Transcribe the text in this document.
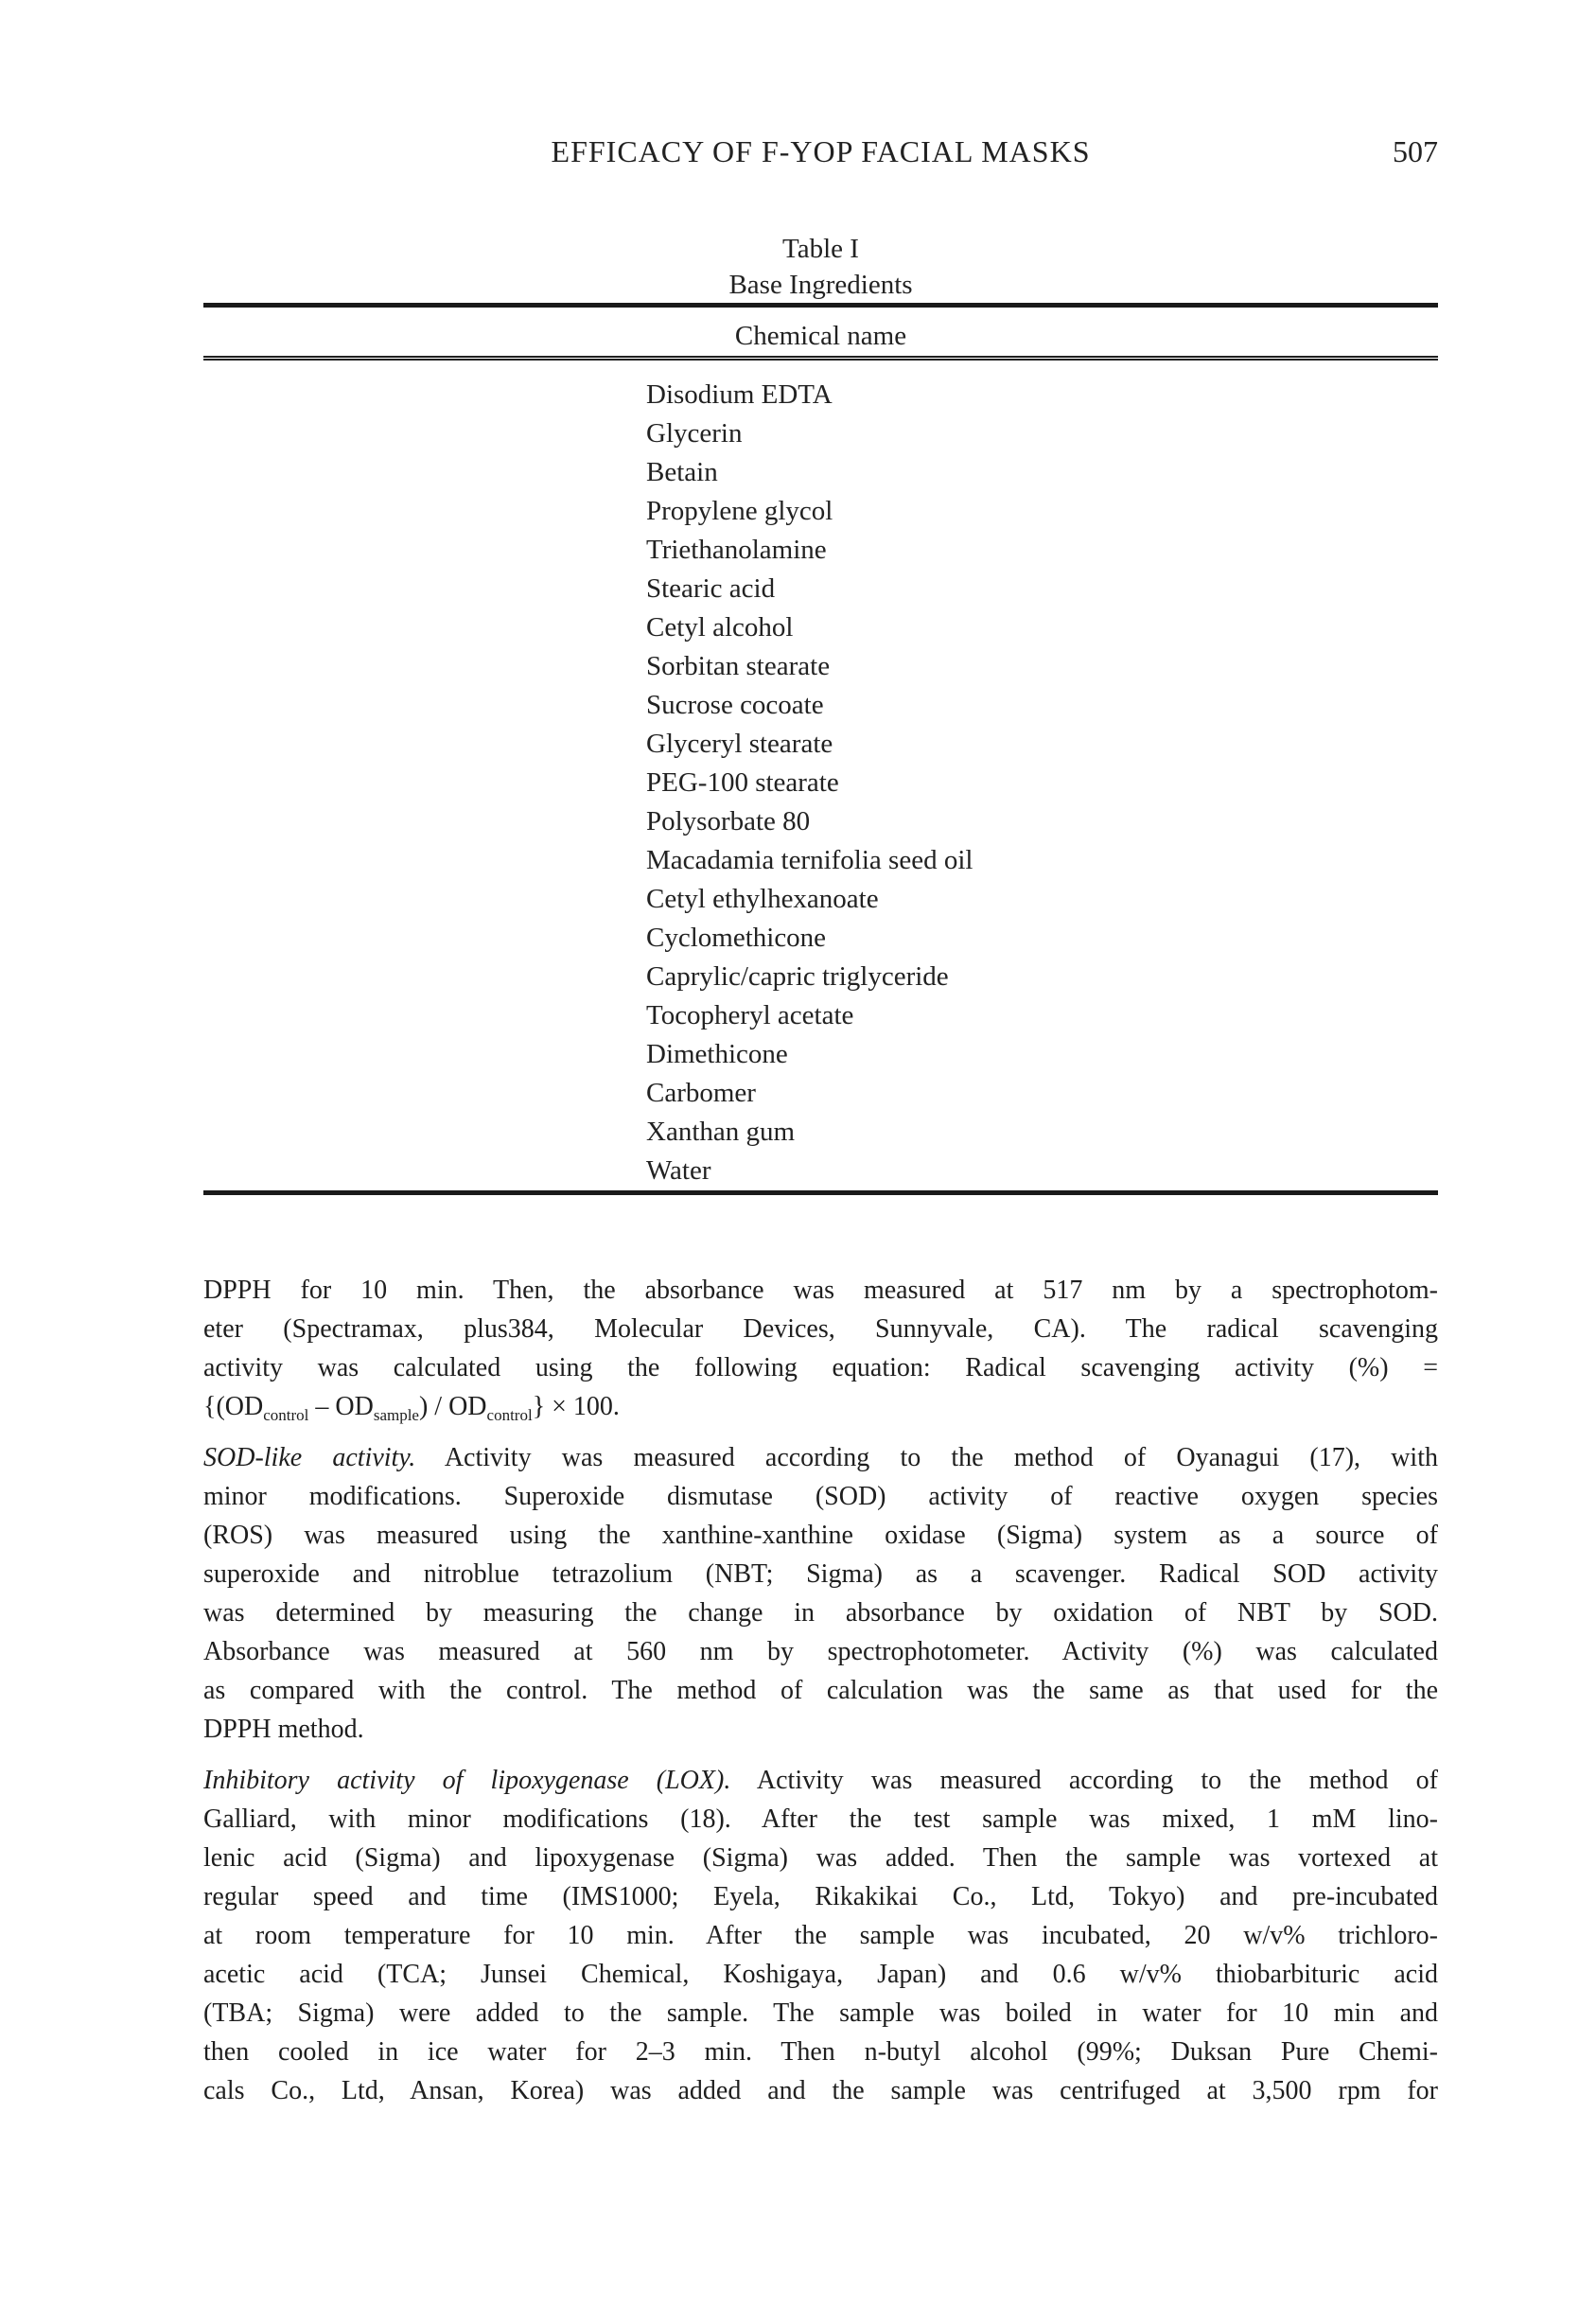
EFFICACY OF F-YOP FACIAL MASKS	507
Table I
Base Ingredients
Chemical name
Disodium EDTA
Glycerin
Betain
Propylene glycol
Triethanolamine
Stearic acid
Cetyl alcohol
Sorbitan stearate
Sucrose cocoate
Glyceryl stearate
PEG-100 stearate
Polysorbate 80
Macadamia ternifolia seed oil
Cetyl ethylhexanoate
Cyclomethicone
Caprylic/capric triglyceride
Tocopheryl acetate
Dimethicone
Carbomer
Xanthan gum
Water
DPPH for 10 min. Then, the absorbance was measured at 517 nm by a spectrophotom-
eter (Spectramax, plus384, Molecular Devices, Sunnyvale, CA). The radical scavenging
activity was calculated using the following equation: Radical scavenging activity (%) =
$\{(OD_{control} - OD_{sample}) / OD_{control}\} \times 100$.
SOD-like activity. Activity was measured according to the method of Oyanagui (17), with
minor modifications. Superoxide dismutase (SOD) activity of reactive oxygen species
(ROS) was measured using the xanthine-xanthine oxidase (Sigma) system as a source of
superoxide and nitroblue tetrazolium (NBT; Sigma) as a scavenger. Radical SOD activity
was determined by measuring the change in absorbance by oxidation of NBT by SOD.
Absorbance was measured at 560 nm by spectrophotometer. Activity (%) was calculated
as compared with the control. The method of calculation was the same as that used for the
DPPH method.
Inhibitory activity of lipoxygenase (LOX). Activity was measured according to the method of
Galliard, with minor modifications (18). After the test sample was mixed, 1 mM lino-
lenic acid (Sigma) and lipoxygenase (Sigma) was added. Then the sample was vortexed at
regular speed and time (IMS1000; Eyela, Rikakikai Co., Ltd, Tokyo) and pre-incubated
at room temperature for 10 min. After the sample was incubated, 20 w/v% trichloro-
acetic acid (TCA; Junsei Chemical, Koshigaya, Japan) and 0.6 w/v% thiobarbituric acid
(TBA; Sigma) were added to the sample. The sample was boiled in water for 10 min and
then cooled in ice water for 2–3 min. Then n-butyl alcohol (99%; Duksan Pure Chemi-
cals Co., Ltd, Ansan, Korea) was added and the sample was centrifuged at 3,500 rpm for
